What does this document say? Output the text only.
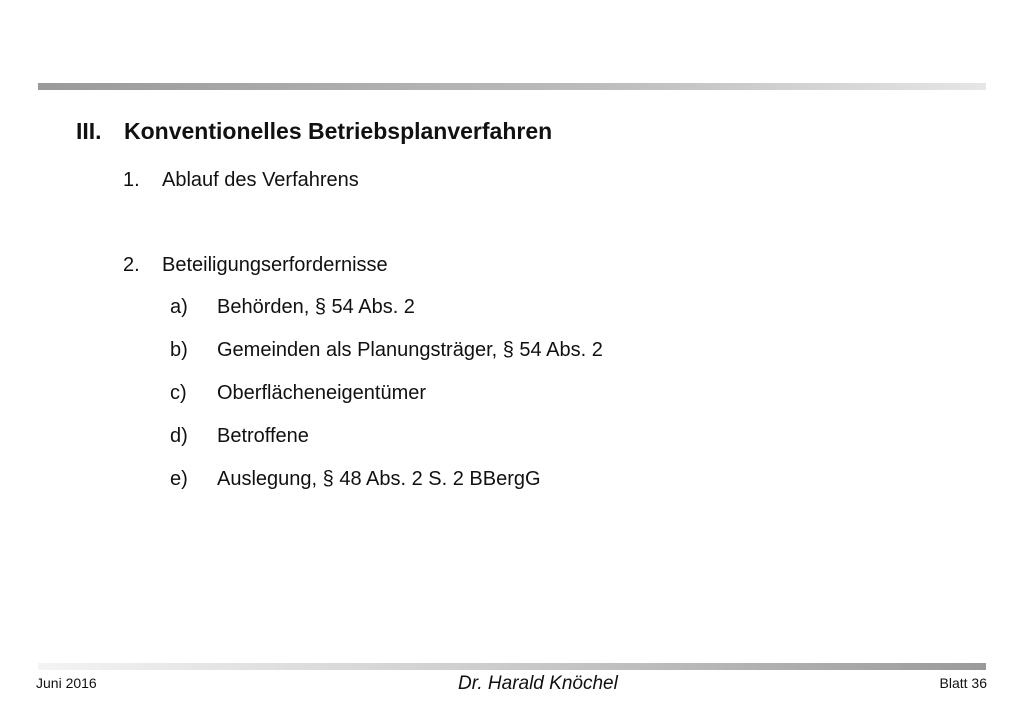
III. Konventionelles Betriebsplanverfahren
1. Ablauf des Verfahrens
2. Beteiligungserfordernisse
a) Behörden, § 54 Abs. 2
b) Gemeinden als Planungsträger, § 54 Abs. 2
c) Oberflächeneigentümer
d) Betroffene
e) Auslegung, § 48 Abs. 2 S. 2 BBergG
Juni 2016	Dr. Harald Knöchel	Blatt 36
